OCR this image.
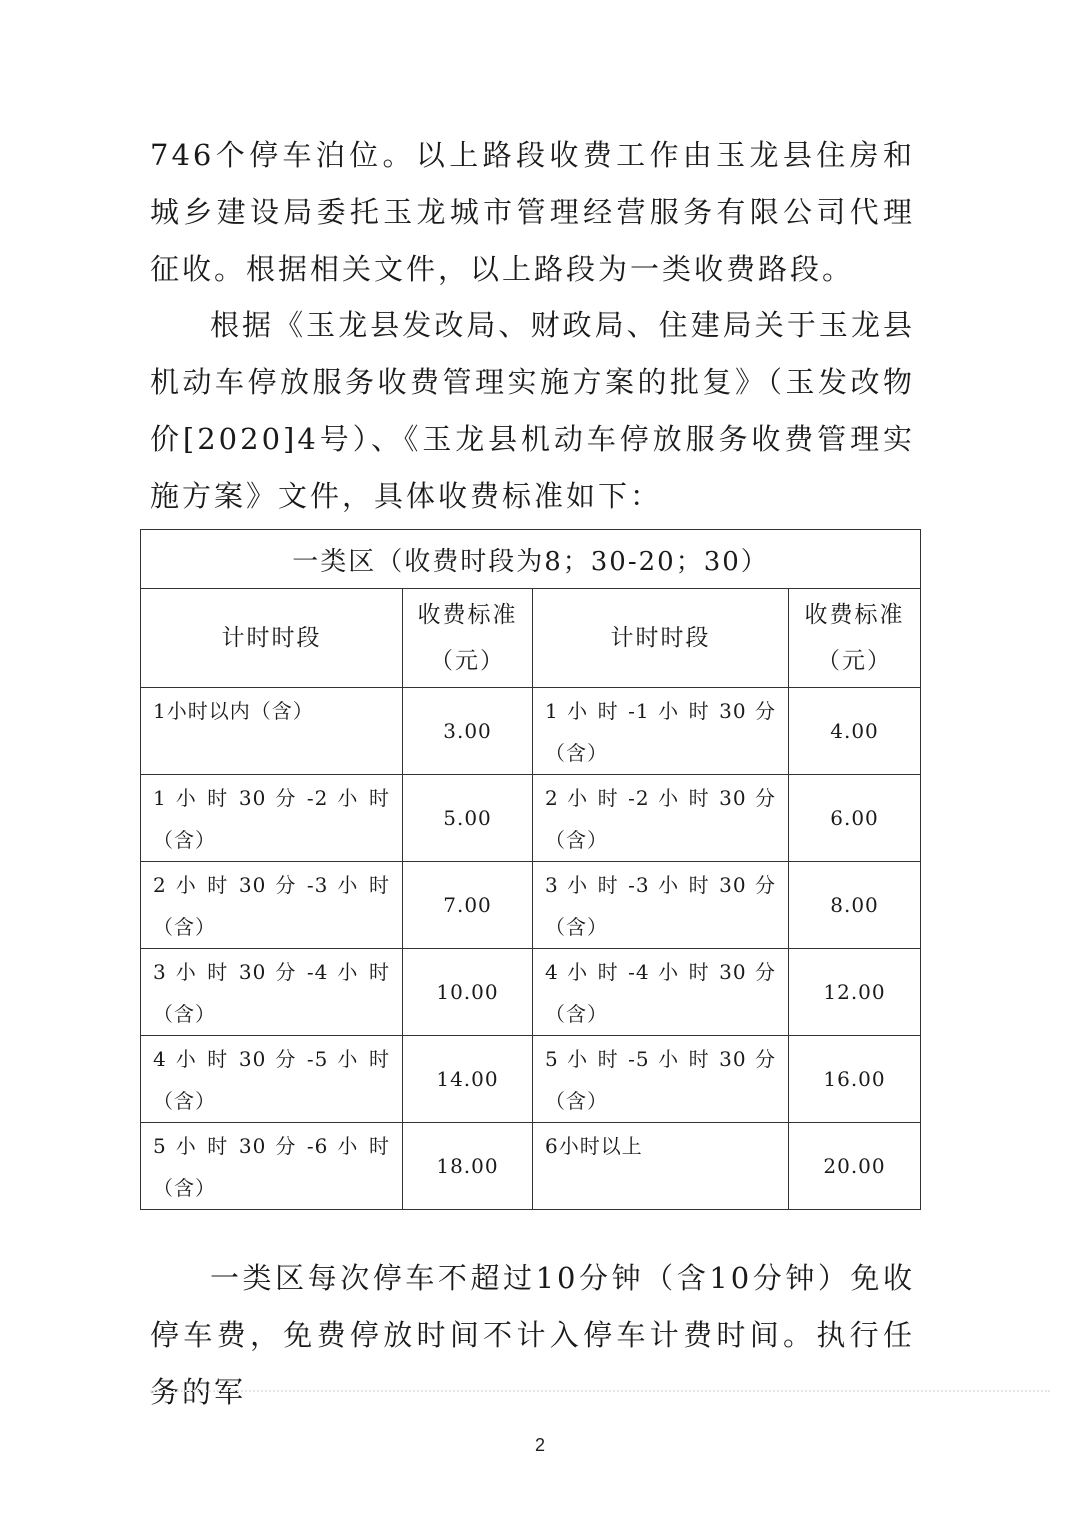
746个停车泊位。以上路段收费工作由玉龙县住房和城乡建设局委托玉龙城市管理经营服务有限公司代理征收。根据相关文件，以上路段为一类收费路段。

根据《玉龙县发改局、财政局、住建局关于玉龙县机动车停放服务收费管理实施方案的批复》（玉发改物价[2020]4号）、《玉龙县机动车停放服务收费管理实施方案》文件，具体收费标准如下：

一类区（收费时段为8；30-20；30）			
计时时段	收费标准（元）	计时时段	收费标准（元）
1小时以内（含）	3.00	1 小 时 -1 小 时 30 分（含）	4.00
1 小 时 30 分 -2 小 时（含）	5.00	2 小 时 -2 小 时 30 分（含）	6.00
2 小 时 30 分 -3 小 时（含）	7.00	3 小 时 -3 小 时 30 分（含）	8.00
3 小 时 30 分 -4 小 时（含）	10.00	4 小 时 -4 小 时 30 分（含）	12.00
4 小 时 30 分 -5 小 时（含）	14.00	5 小 时 -5 小 时 30 分（含）	16.00
5 小 时 30 分 -6 小 时（含）	18.00	6小时以上	20.00

一类区每次停车不超过10分钟（含10分钟）免收停车费，免费停放时间不计入停车计费时间。执行任务的军

2
